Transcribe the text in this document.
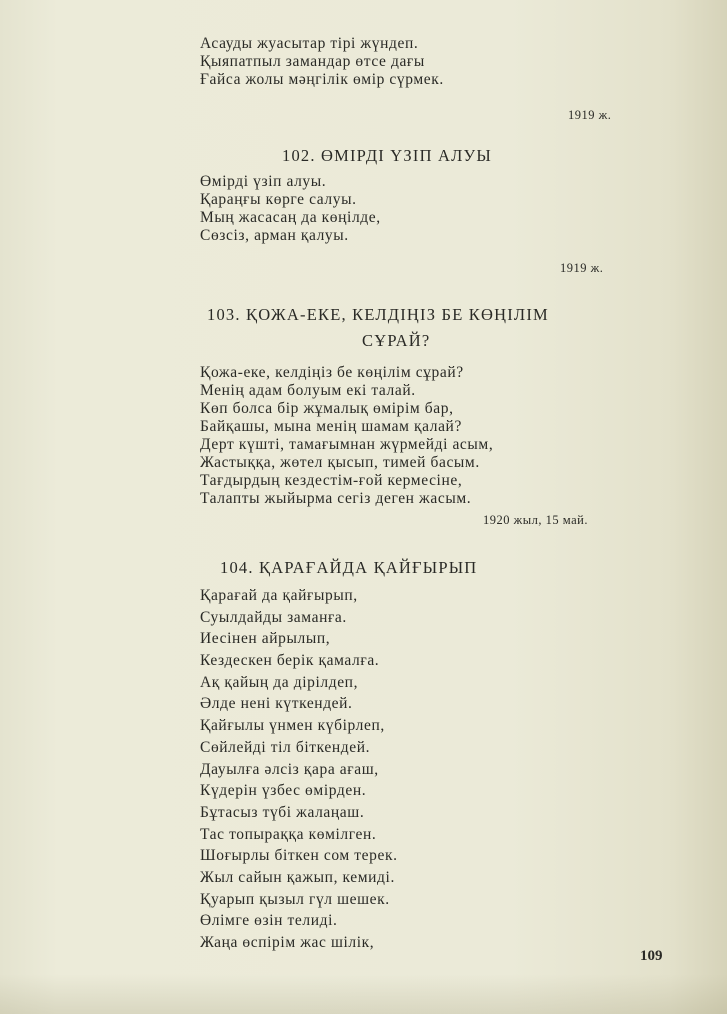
Асауды жуасытар тірі жүндеп.
Қыяпатпыл замандар өтсе дағы
Ғайса жолы мәңгілік өмір сүрмек.
1919 ж.
102. ӨМІРДІ ҮЗІП АЛУЫ
Өмірді үзіп алуы.
Қараңғы көрге салуы.
Мың жасасаң да көңілде,
Сөзсіз, арман қалуы.
1919 ж.
103. ҚОЖА-ЕКЕ, КЕЛДІҢІЗ БЕ КӨҢІЛІМ
СҰРАЙ?
Қожа-еке, келдіңіз бе көңілім сұрай?
Менің адам болуым екі талай.
Көп болса бір жұмалық өмірім бар,
Байқашы, мына менің шамам қалай?
Дерт күшті, тамағымнан жүрмейді асым,
Жастыққа, жөтел қысып, тимей басым.
Тағдырдың кездестім-ғой кермесіне,
Талапты жыйырма сегіз деген жасым.
1920 жыл, 15 май.
104. ҚАРАҒАЙДА ҚАЙҒЫРЫП
Қарағай да қайғырып,
Суылдайды заманға.
Иесінен айрылып,
Кездескен берік қамалға.
Ақ қайың да дірілдеп,
Әлде нені күткендей.
Қайғылы үнмен күбірлеп,
Сөйлейді тіл біткендей.
Дауылға әлсіз қара ағаш,
Күдерін үзбес өмірден.
Бұтасыз түбі жалаңаш.
Тас топыраққа көмілген.
Шоғырлы біткен сом терек.
Жыл сайын қажып, кемиді.
Қуарып қызыл гүл шешек.
Өлімге өзін телиді.
Жаңа өспірім жас шілік,
109
